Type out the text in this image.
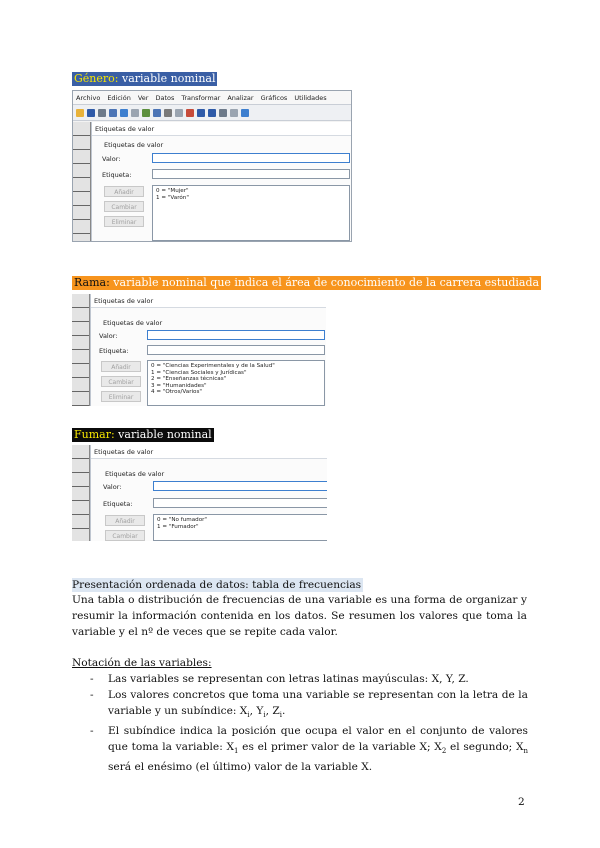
Género: variable nominal
Archivo Edición Ver Datos Transformar Analizar Gráficos Utilidades
Etiquetas de valor
Etiquetas de valor
Valor:
Etiqueta:
Añadir
Cambiar
Eliminar
0 = "Mujer"
1 = "Varón"
Rama: variable nominal que indica el área de conocimiento de la carrera estudiada
Etiquetas de valor
Etiquetas de valor
Valor:
Etiqueta:
Añadir
Cambiar
Eliminar
0 = "Ciencias Experimentales y de la Salud"
1 = "Ciencias Sociales y Jurídicas"
2 = "Enseñanzas técnicas"
3 = "Humanidades"
4 = "Otros/Varios"
Fumar: variable nominal
Etiquetas de valor
Etiquetas de valor
Valor:
Etiqueta:
Añadir
Cambiar
0 = "No fumador"
1 = "Fumador"
Presentación ordenada de datos: tabla de frecuencias
Una tabla o distribución de frecuencias de una variable es una forma de organizar y resumir la información contenida en los datos. Se resumen los valores que toma la variable y el nº de veces que se repite cada valor.
Notación de las variables:
- Las variables se representan con letras latinas mayúsculas: X, Y, Z.
- Los valores concretos que toma una variable se representan con la letra de la variable y un subíndice: $X_i$, $Y_i$, $Z_i$.
- El subíndice indica la posición que ocupa el valor en el conjunto de valores que toma la variable: $X_1$ es el primer valor de la variable X; $X_2$ el segundo; $X_n$ será el enésimo (el último) valor de la variable X.
2
